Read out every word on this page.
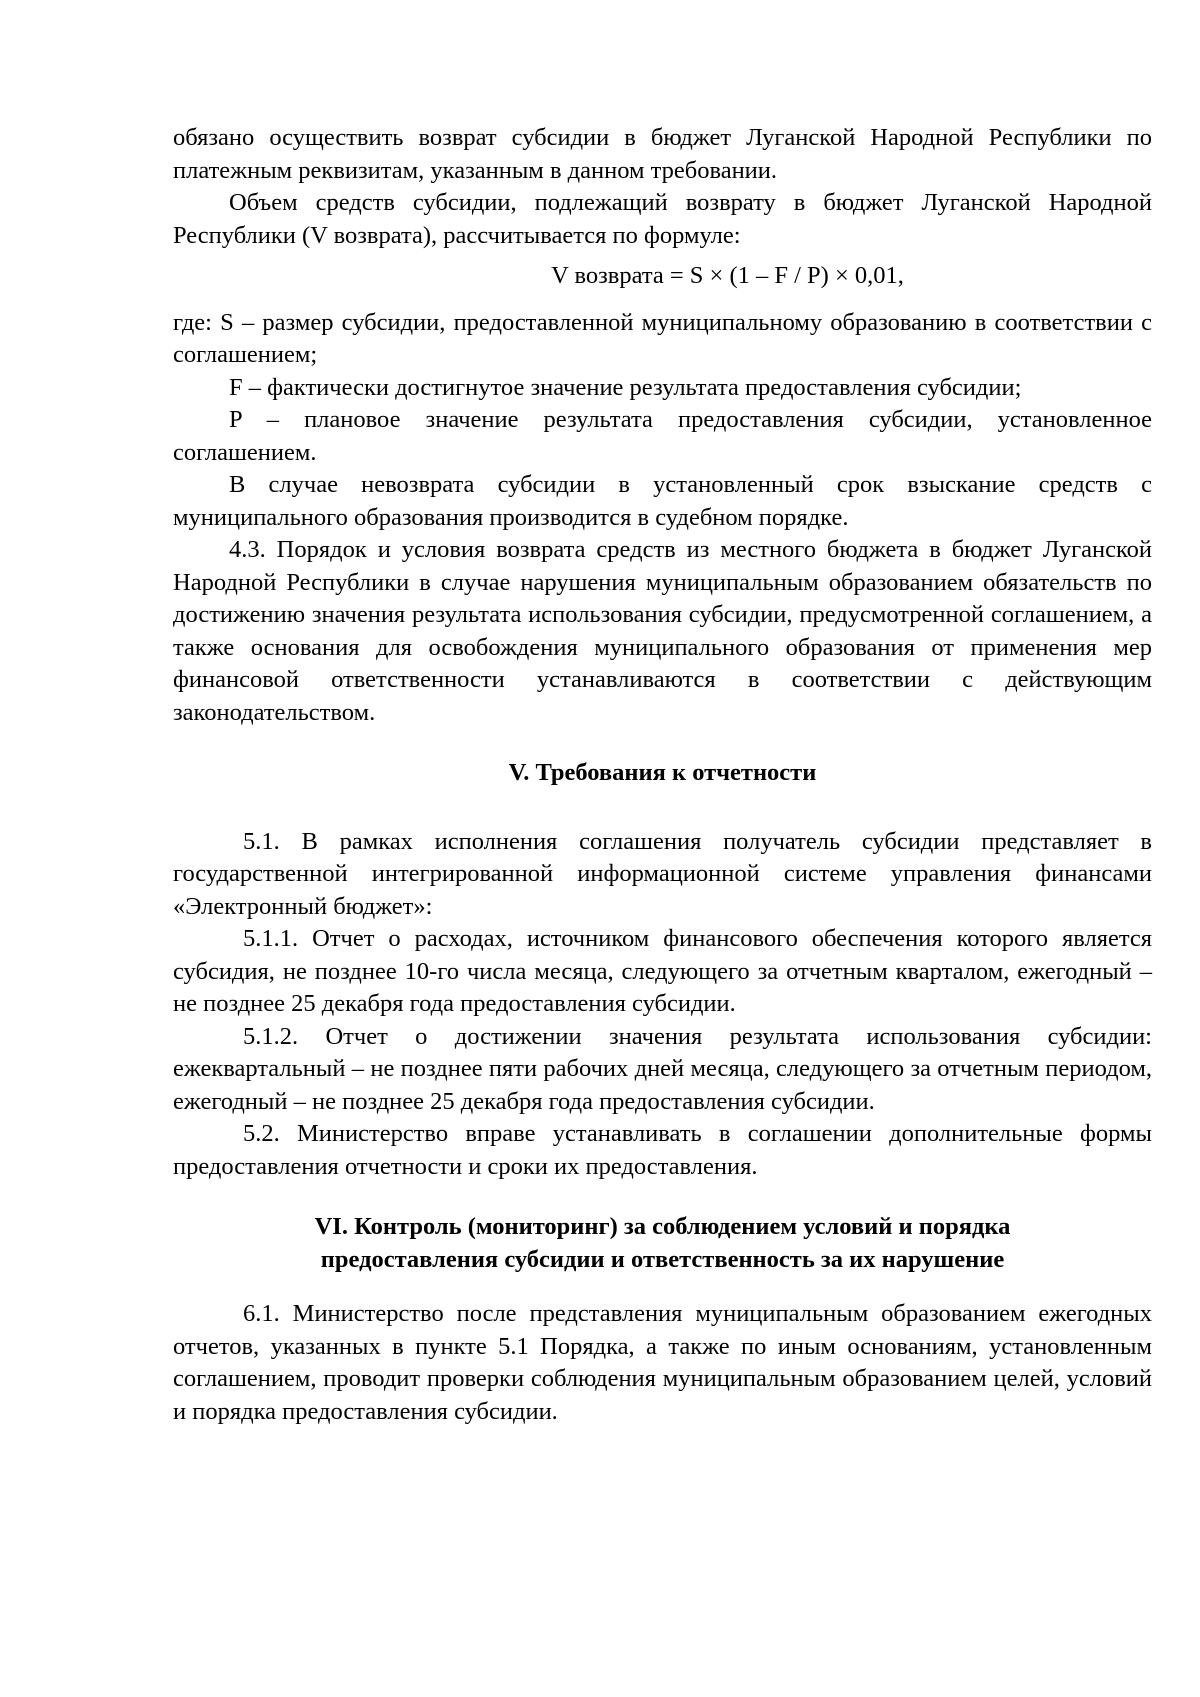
обязано осуществить возврат субсидии в бюджет Луганской Народной Республики по платежным реквизитам, указанным в данном требовании.

Объем средств субсидии, подлежащий возврату в бюджет Луганской Народной Республики (V возврата), рассчитывается по формуле:

V возврата = S × (1 – F / P) × 0,01,

где: S – размер субсидии, предоставленной муниципальному образованию в соответствии с соглашением;

F – фактически достигнутое значение результата предоставления субсидии;

P – плановое значение результата предоставления субсидии, установленное соглашением.

В случае невозврата субсидии в установленный срок взыскание средств с муниципального образования производится в судебном порядке.

4.3. Порядок и условия возврата средств из местного бюджета в бюджет Луганской Народной Республики в случае нарушения муниципальным образованием обязательств по достижению значения результата использования субсидии, предусмотренной соглашением, а также основания для освобождения муниципального образования от применения мер финансовой ответственности устанавливаются в соответствии с действующим законодательством.

V. Требования к отчетности

5.1. В рамках исполнения соглашения получатель субсидии представляет в государственной интегрированной информационной системе управления финансами «Электронный бюджет»:

5.1.1. Отчет о расходах, источником финансового обеспечения которого является субсидия, не позднее 10-го числа месяца, следующего за отчетным кварталом, ежегодный – не позднее 25 декабря года предоставления субсидии.

5.1.2. Отчет о достижении значения результата использования субсидии: ежеквартальный – не позднее пяти рабочих дней месяца, следующего за отчетным периодом, ежегодный – не позднее 25 декабря года предоставления субсидии.

5.2. Министерство вправе устанавливать в соглашении дополнительные формы предоставления отчетности и сроки их предоставления.

VI. Контроль (мониторинг) за соблюдением условий и порядка
предоставления субсидии и ответственность за их нарушение

6.1. Министерство после представления муниципальным образованием ежегодных отчетов, указанных в пункте 5.1 Порядка, а также по иным основаниям, установленным соглашением, проводит проверки соблюдения муниципальным образованием целей, условий и порядка предоставления субсидии.
